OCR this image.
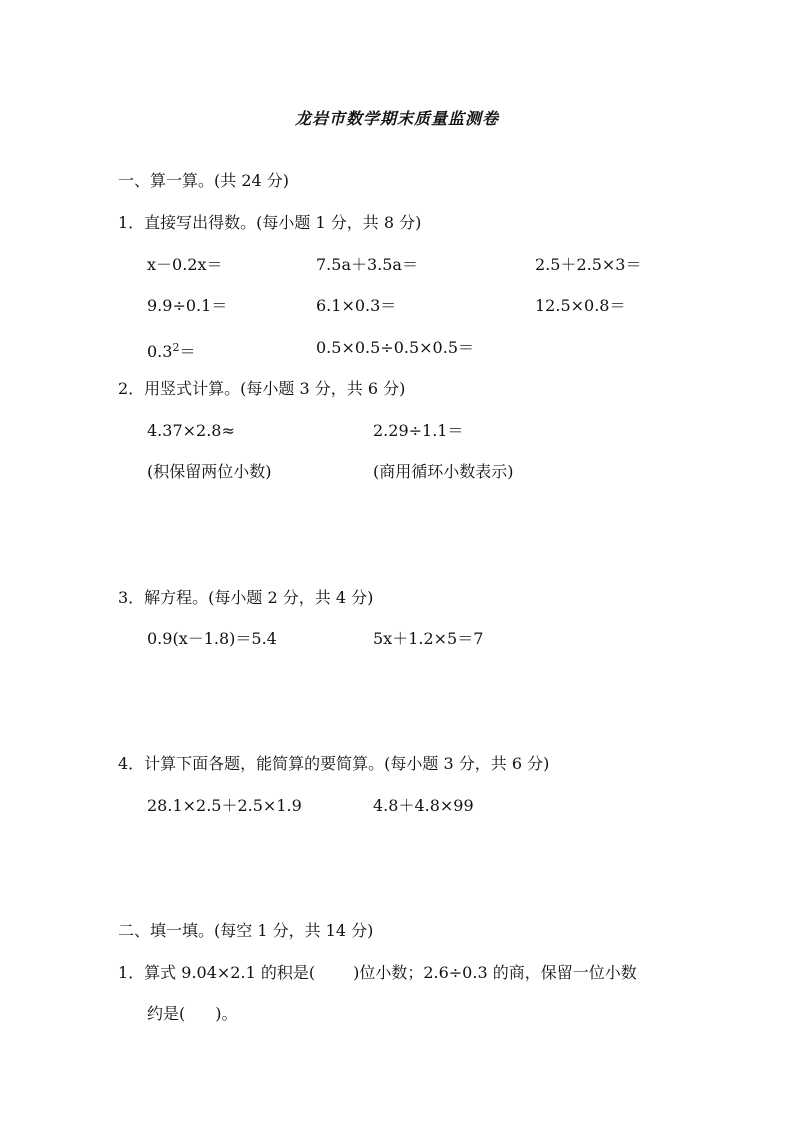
龙岩市数学期末质量监测卷
一、算一算。(共 24 分)
1．直接写出得数。(每小题 1 分，共 8 分)
x－0.2x＝	7.5a＋3.5a＝	2.5＋2.5×3＝
9.9÷0.1＝	6.1×0.3＝	12.5×0.8＝
$0.3^2=$	0.5×0.5÷0.5×0.5＝
2．用竖式计算。(每小题 3 分，共 6 分)
4.37×2.8≈	2.29÷1.1＝
(积保留两位小数)	(商用循环小数表示)
3．解方程。(每小题 2 分，共 4 分)
0.9(x－1.8)＝5.4	5x＋1.2×5＝7
4．计算下面各题，能简算的要简算。(每小题 3 分，共 6 分)
28.1×2.5＋2.5×1.9	4.8＋4.8×99
二、填一填。(每空 1 分，共 14 分)
1．算式 9.04×2.1 的积是( )位小数；2.6÷0.3 的商，保留一位小数
约是( )。
